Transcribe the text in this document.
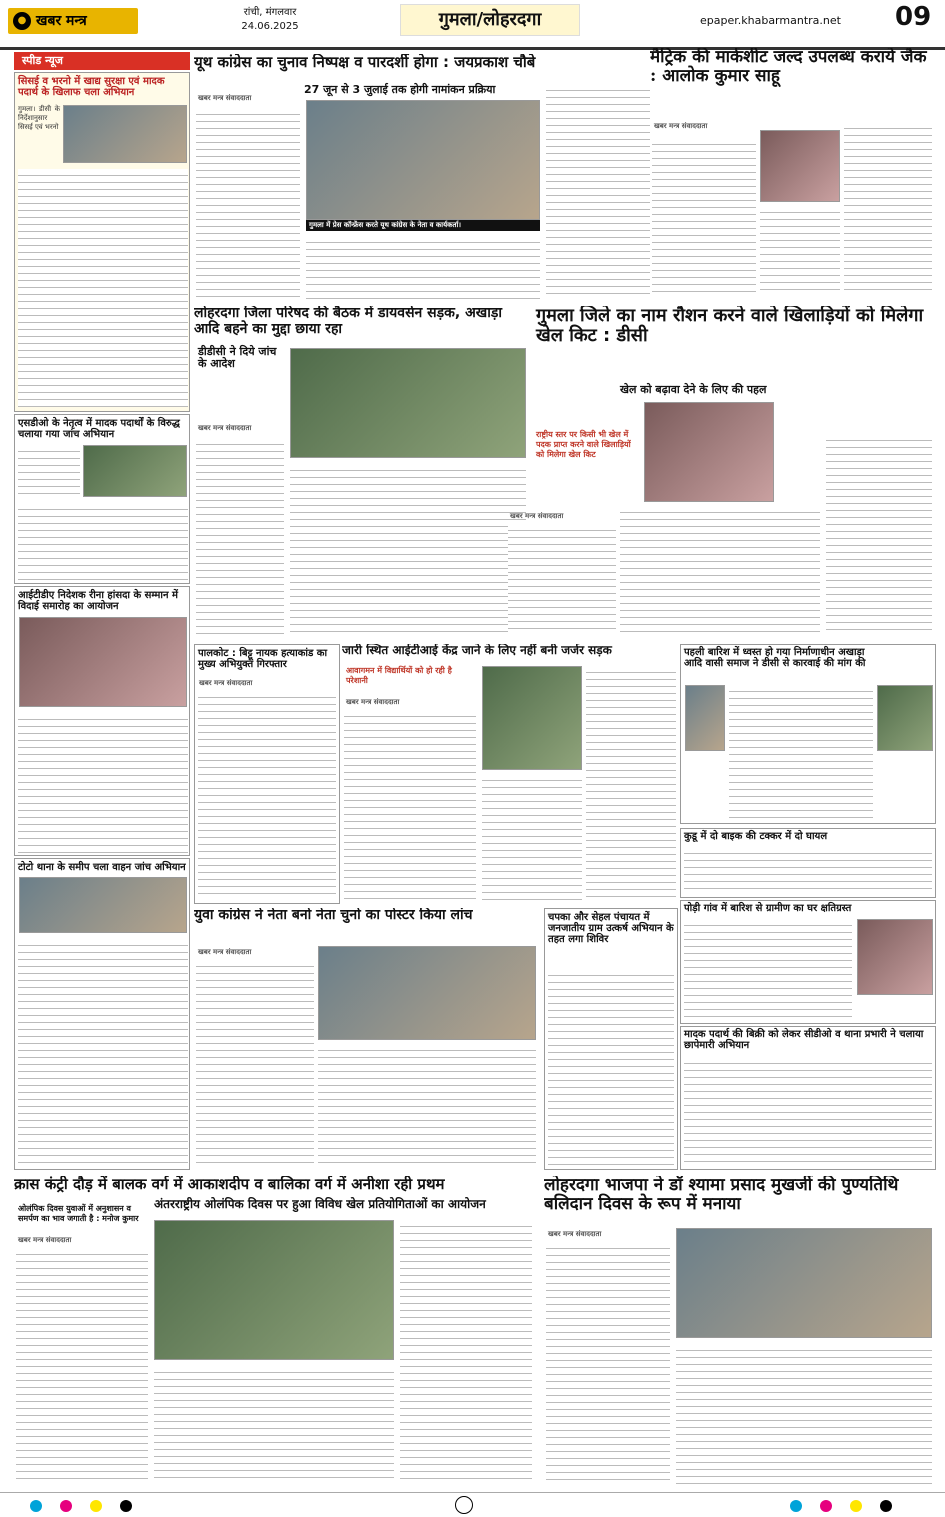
● खबर मन्त्र
रांची, मंगलवार
24.06.2025	गुमला/लोहरदगा	epaper.khabarmantra.net 09
स्पीड न्यूज
सिसई व भरनो में खाद्य सुरक्षा एवं मादक पदार्थ के खिलाफ चला अभियान
गुमला। डीसी के निर्देशानुसार सिसई एवं भरनो
एसडीओ के नेतृत्व में मादक पदार्थों के विरुद्ध चलाया गया जांच अभियान
आईटीडीए निदेशक रीना हांसदा के सम्मान में विदाई समारोह का आयोजन
टोटो थाना के समीप चला वाहन जांच अभियान
यूथ कांग्रेस का चुनाव निष्पक्ष व पारदर्शी होगा : जयप्रकाश चौबे
27 जून से 3 जुलाई तक होगी नामांकन प्रक्रिया
खबर मन्त्र संवाददाता
गुमला में प्रेस कॉन्फ्रेंस करते यूथ कांग्रेस के नेता व कार्यकर्ता।
मैट्रिक की मार्कशीट जल्द उपलब्ध कराये जैक : आलोक कुमार साहू
खबर मन्त्र संवाददाता
लोहरदगा जिला परिषद की बैठक में डायवर्सन सड़क, अखाड़ा आदि बहने का मुद्दा छाया रहा
डीडीसी ने दिये जांच के आदेश
खबर मन्त्र संवाददाता
गुमला जिले का नाम रौशन करने वाले खिलाड़ियों को मिलेगा खेल किट : डीसी
राष्ट्रीय स्तर पर किसी भी खेल में पदक प्राप्त करने वाले खिलाड़ियों को मिलेगा खेल किट
खेल को बढ़ावा देने के लिए की पहल
खबर मन्त्र संवाददाता
पालकोट : बिट्टू नायक हत्याकांड का मुख्य अभियुक्त गिरफ्तार
खबर मन्त्र संवाददाता
जारी स्थित आईटीआई केंद्र जाने के लिए नहीं बनी जर्जर सड़क
आवागमन में विद्यार्थियों को हो रही है परेशानी
खबर मन्त्र संवाददाता
पहली बारिश में ध्वस्त हो गया निर्माणाधीन अखाड़ा
आदि वासी समाज ने डीसी से कारवाई की मांग की
कुडू में दो बाइक की टक्कर में दो घायल
पोड़ी गांव में बारिश से ग्रामीण का घर क्षतिग्रस्त
मादक पदार्थ की बिक्री को लेकर सीडीओ व थाना प्रभारी ने चलाया छापेमारी अभियान
युवा कांग्रेस ने नेता बनो नेता चुनो का पोस्टर किया लांच
खबर मन्त्र संवाददाता
चपका और सेहल पंचायत में जनजातीय ग्राम उत्कर्ष अभियान के तहत लगा शिविर
क्रास कंट्री दौड़ में बालक वर्ग में आकाशदीप व बालिका वर्ग में अनीशा रही प्रथम
अंतरराष्ट्रीय ओलंपिक दिवस पर हुआ विविध खेल प्रतियोगिताओं का आयोजन
ओलंपिक दिवस युवाओं में अनुशासन व समर्पण का भाव जगाती है : मनोज कुमार
खबर मन्त्र संवाददाता
लोहरदगा भाजपा ने डॉ श्यामा प्रसाद मुखर्जी की पुण्यतिथि बलिदान दिवस के रूप में मनाया
खबर मन्त्र संवाददाता
